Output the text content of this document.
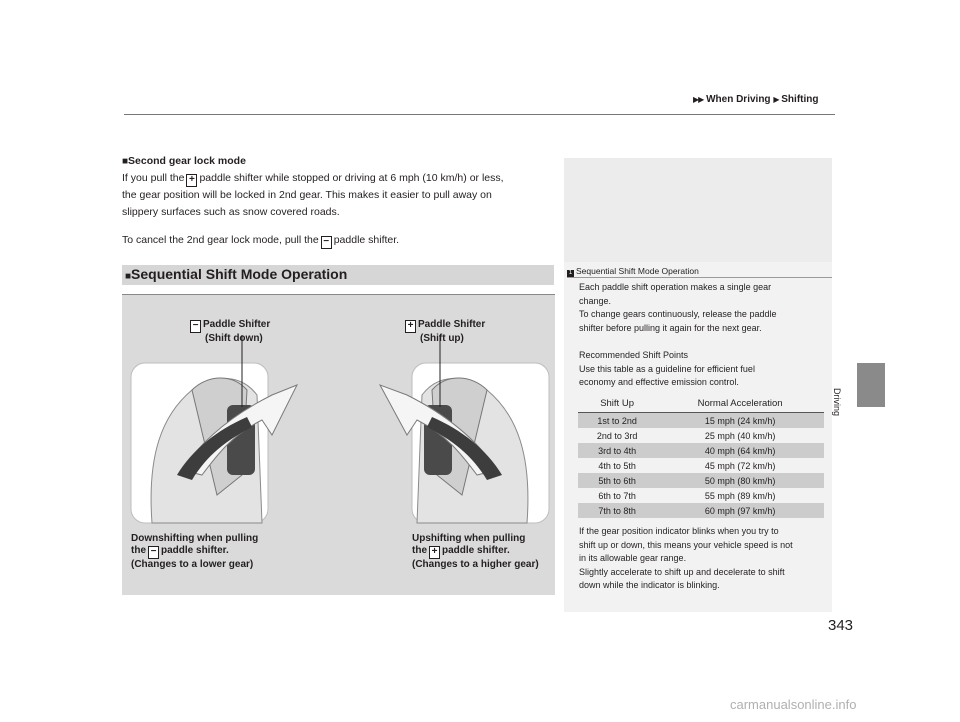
▶▶ When Driving ▶ Shifting
Driving
343
■Second gear lock mode
If you pull the + paddle shifter while stopped or driving at 6 mph (10 km/h) or less,
the gear position will be locked in 2nd gear. This makes it easier to pull away on
slippery surfaces such as snow covered roads.
To cancel the 2nd gear lock mode, pull the − paddle shifter.
■Sequential Shift Mode Operation
− Paddle Shifter
(Shift down)
+ Paddle Shifter
(Shift up)
Downshifting when pulling
the − paddle shifter.
(Changes to a lower gear)
Upshifting when pulling
the + paddle shifter.
(Changes to a higher gear)
1 Sequential Shift Mode Operation
Each paddle shift operation makes a single gear
change.
To change gears continuously, release the paddle
shifter before pulling it again for the next gear.
Recommended Shift Points
Use this table as a guideline for efficient fuel
economy and effective emission control.
Shift Up	Normal Acceleration
1st to 2nd	15 mph (24 km/h)
2nd to 3rd	25 mph (40 km/h)
3rd to 4th	40 mph (64 km/h)
4th to 5th	45 mph (72 km/h)
5th to 6th	50 mph (80 km/h)
6th to 7th	55 mph (89 km/h)
7th to 8th	60 mph (97 km/h)
If the gear position indicator blinks when you try to
shift up or down, this means your vehicle speed is not
in its allowable gear range.
Slightly accelerate to shift up and decelerate to shift
down while the indicator is blinking.
carmanualsonline.info
